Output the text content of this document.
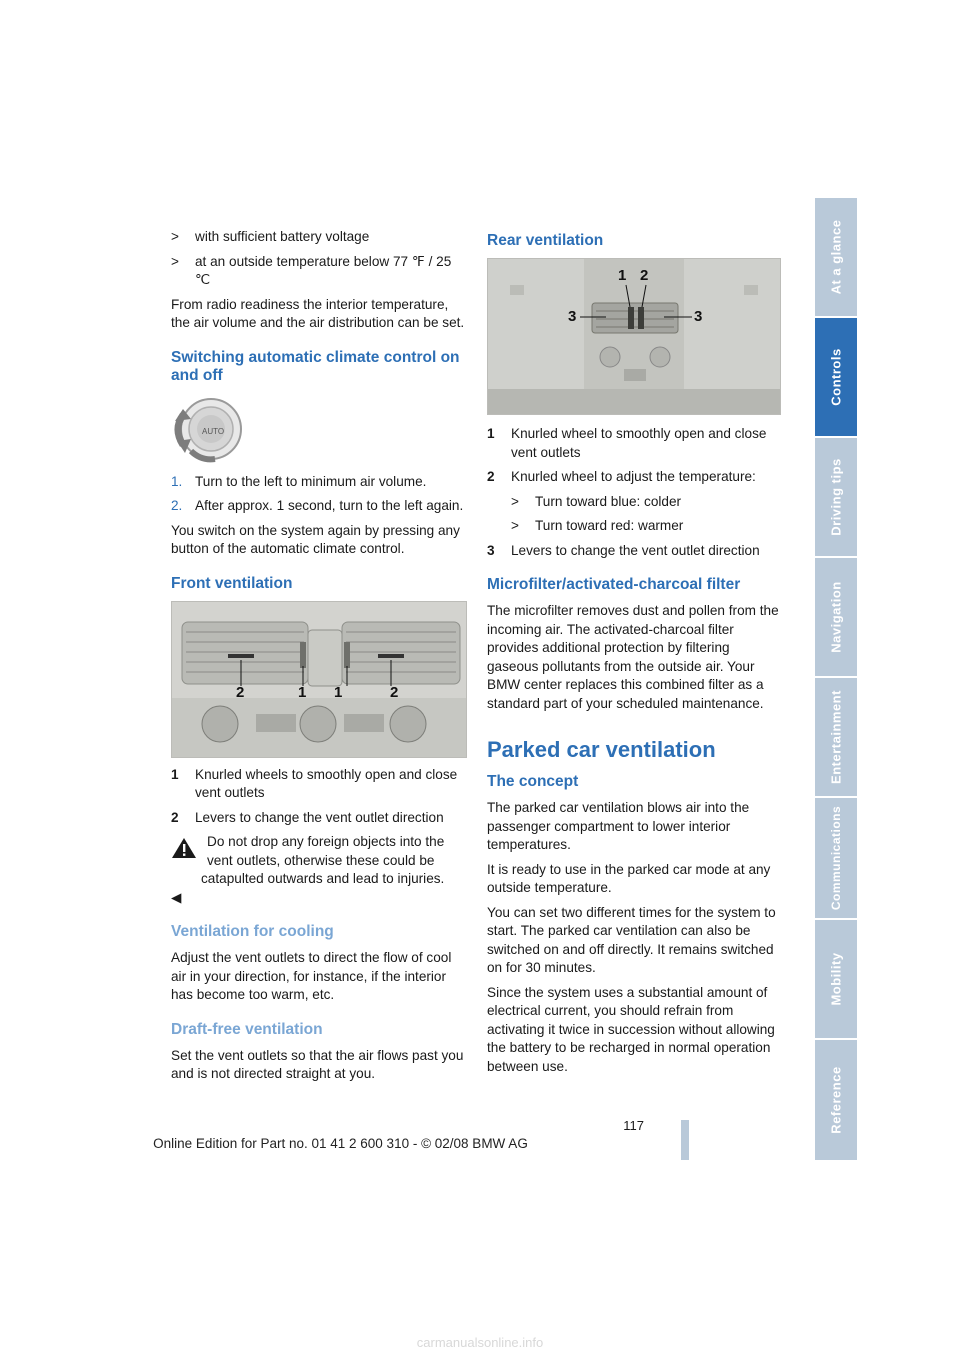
> with sufficient battery voltage
> at an outside temperature below 77 ℉ / 25 ℃

From radio readiness the interior temperature, the air volume and the air distribution can be set.

Switching automatic climate control on and off
AUTO
1. Turn to the left to minimum air volume.
2. After approx. 1 second, turn to the left again.

You switch on the system again by pressing any button of the automatic climate control.

Front ventilation
2	1 1	2
1 Knurled wheels to smoothly open and close vent outlets
2 Levers to change the vent outlet direction
Do not drop any foreign objects into the vent outlets, otherwise these could be catapulted outwards and lead to injuries.
◀
Ventilation for cooling

Adjust the vent outlets to direct the flow of cool air in your direction, for instance, if the interior has become too warm, etc.

Draft-free ventilation

Set the vent outlets so that the air flows past you and is not directed straight at you.

Rear ventilation
1 2
3	3
1 Knurled wheel to smoothly open and close vent outlets
2 Knurled wheel to adjust the temperature:
> Turn toward blue: colder
> Turn toward red: warmer
3 Levers to change the vent outlet direction
Microfilter/activated-charcoal filter

The microfilter removes dust and pollen from the incoming air. The activated-charcoal filter provides additional protection by filtering gaseous pollutants from the outside air. Your BMW center replaces this combined filter as a standard part of your scheduled maintenance.

Parked car ventilation
The concept

The parked car ventilation blows air into the passenger compartment to lower interior temperatures.

It is ready to use in the parked car mode at any outside temperature.

You can set two different times for the system to start. The parked car ventilation can also be switched on and off directly. It remains switched on for 30 minutes.

Since the system uses a substantial amount of electrical current, you should refrain from activating it twice in succession without allowing the battery to be recharged in normal operation between use.

At a glance
Controls
Driving tips
Navigation
Entertainment
Communications
Mobility
Reference
117
Online Edition for Part no. 01 41 2 600 310 - © 02/08 BMW AG
carmanualsonline.info
